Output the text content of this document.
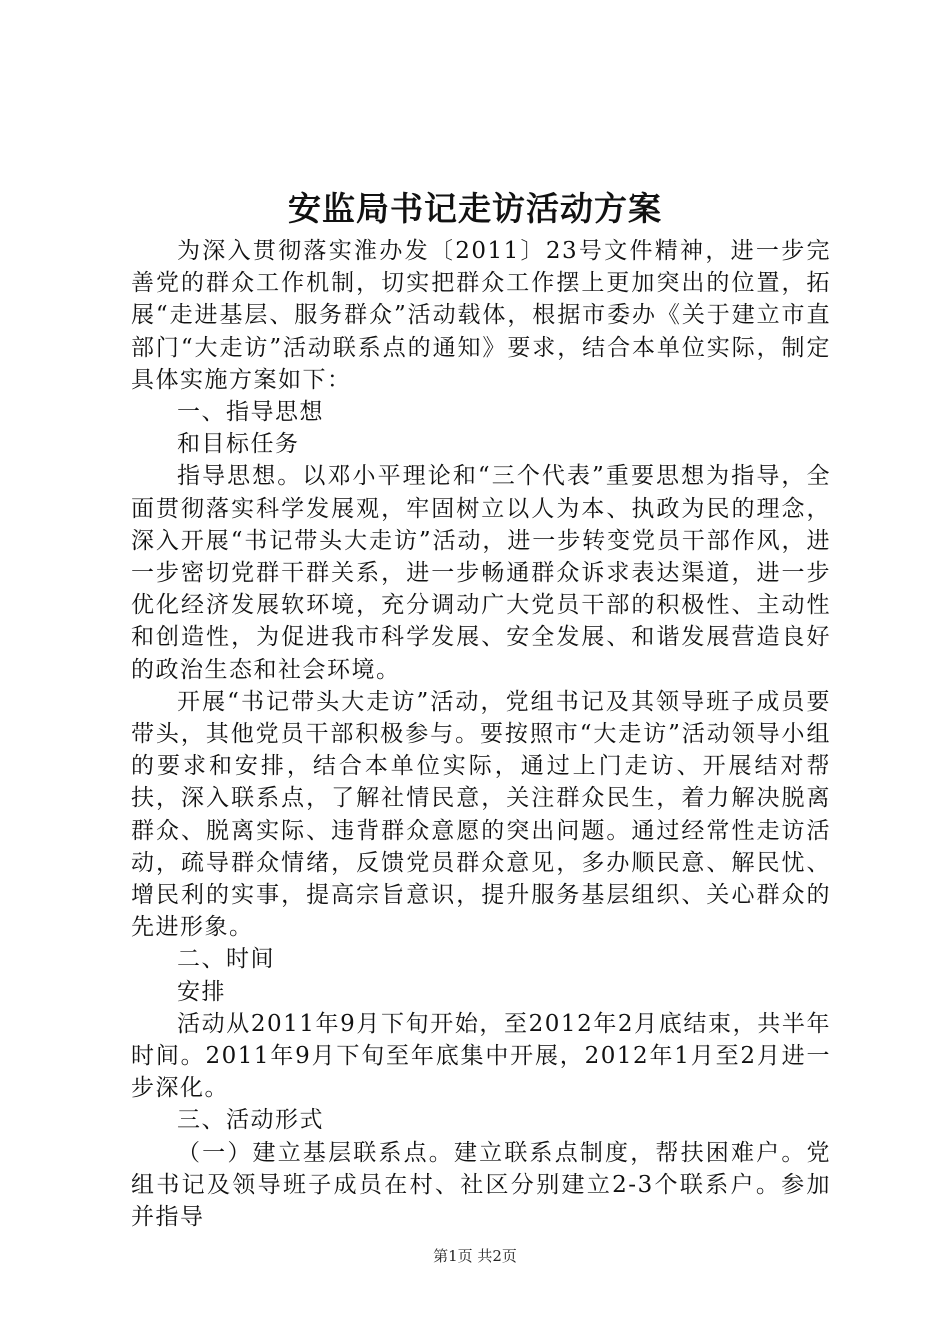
安监局书记走访活动方案

为深入贯彻落实淮办发〔2011〕23号文件精神，进一步完善党的群众工作机制，切实把群众工作摆上更加突出的位置，拓展“走进基层、服务群众”活动载体，根据市委办《关于建立市直部门“大走访”活动联系点的通知》要求，结合本单位实际，制定具体实施方案如下：

一、指导思想

和目标任务

指导思想。以邓小平理论和“三个代表”重要思想为指导，全面贯彻落实科学发展观，牢固树立以人为本、执政为民的理念，深入开展“书记带头大走访”活动，进一步转变党员干部作风，进一步密切党群干群关系，进一步畅通群众诉求表达渠道，进一步优化经济发展软环境，充分调动广大党员干部的积极性、主动性和创造性，为促进我市科学发展、安全发展、和谐发展营造良好的政治生态和社会环境。

开展“书记带头大走访”活动，党组书记及其领导班子成员要带头，其他党员干部积极参与。要按照市“大走访”活动领导小组的要求和安排，结合本单位实际，通过上门走访、开展结对帮扶，深入联系点，了解社情民意，关注群众民生，着力解决脱离群众、脱离实际、违背群众意愿的突出问题。通过经常性走访活动，疏导群众情绪，反馈党员群众意见，多办顺民意、解民忧、增民利的实事，提高宗旨意识，提升服务基层组织、关心群众的先进形象。

二、时间

安排

活动从2011年9月下旬开始，至2012年2月底结束，共半年时间。2011年9月下旬至年底集中开展，2012年1月至2月进一步深化。

三、活动形式

（一）建立基层联系点。建立联系点制度，帮扶困难户。党组书记及领导班子成员在村、社区分别建立2-3个联系户。参加并指导

第1页 共2页
